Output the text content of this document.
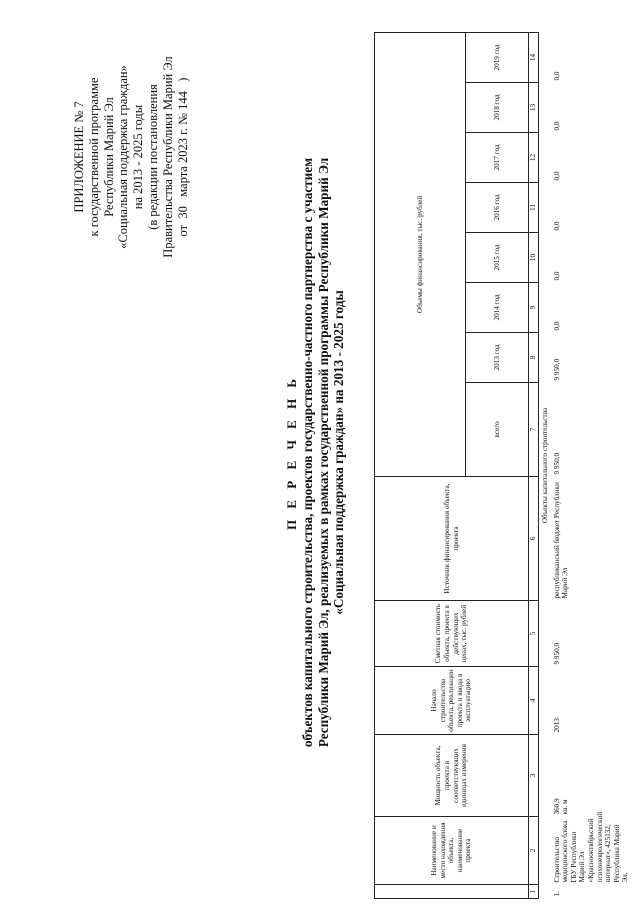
ПРИЛОЖЕНИЕ № 7 к государственной программе Республики Марий Эл «Социальная поддержка граждан» на 2013 - 2025 годы (в редакции постановления Правительства Республики Марий Эл от  30   марта 2023 г. № 144   )
П Е Р Е Ч Е Н Ь объектов капитального строительства, проектов государственно-частного партнерства с участием Республики Марий Эл, реализуемых в рамках государственной программы Республики Марий Эл «Социальная поддержка граждан» на 2013 - 2025 годы
	Наименование и место нахождения объекта, наименование проекта	Мощность объекта, проекта в соответствующих единицах измерения	Начало строительства объекта, реализации проекта и ввода в эксплуатацию	Сметная стоимость объекта, проекта в действующих ценах, тыс. рублей	Источник финансирования объекта, проекта	Объемы финансирования, тыс. рублей							
						всего	2013 год	2014 год	2015 год	2016 год	2017 год	2018 год	2019 год
1	2	3	4	5	6	7	8	9	10	11	12	13	14
Объекты капитального строительства													
1.	Строительство медицинского блока ГБУ Республики Марий Эл «Краснооктябрьский психоневрологический интернат», 425132, Республика Марий Эл,	360,9 кв. м	2013	9 950,0	республиканский бюджет Республики Марий Эл	9 950,0	9 950,0	0,0	0,0	0,0	0,0	0,0	0,0
